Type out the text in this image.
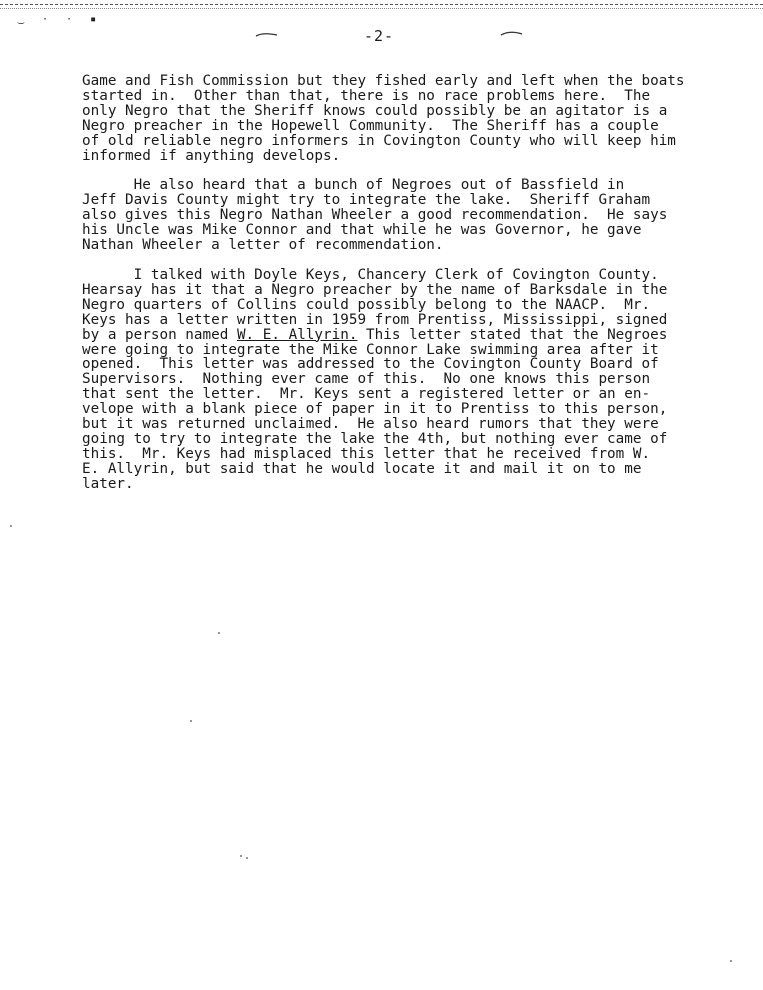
‿ · · ▪
-2-
Game and Fish Commission but they fished early and left when the boats
started in.  Other than that, there is no race problems here.  The
only Negro that the Sheriff knows could possibly be an agitator is a
Negro preacher in the Hopewell Community.  The Sheriff has a couple
of old reliable negro informers in Covington County who will keep him
informed if anything develops.
He also heard that a bunch of Negroes out of Bassfield in
Jeff Davis County might try to integrate the lake.  Sheriff Graham
also gives this Negro Nathan Wheeler a good recommendation.  He says
his Uncle was Mike Connor and that while he was Governor, he gave
Nathan Wheeler a letter of recommendation.
I talked with Doyle Keys, Chancery Clerk of Covington County.
Hearsay has it that a Negro preacher by the name of Barksdale in the
Negro quarters of Collins could possibly belong to the NAACP.  Mr.
Keys has a letter written in 1959 from Prentiss, Mississippi, signed
by a person named W. E. Allyrin. This letter stated that the Negroes
were going to integrate the Mike Connor Lake swimming area after it
opened.  This letter was addressed to the Covington County Board of
Supervisors.  Nothing ever came of this.  No one knows this person
that sent the letter.  Mr. Keys sent a registered letter or an en-
velope with a blank piece of paper in it to Prentiss to this person,
but it was returned unclaimed.  He also heard rumors that they were
going to try to integrate the lake the 4th, but nothing ever came of
this.  Mr. Keys had misplaced this letter that he received from W.
E. Allyrin, but said that he would locate it and mail it on to me
later.
